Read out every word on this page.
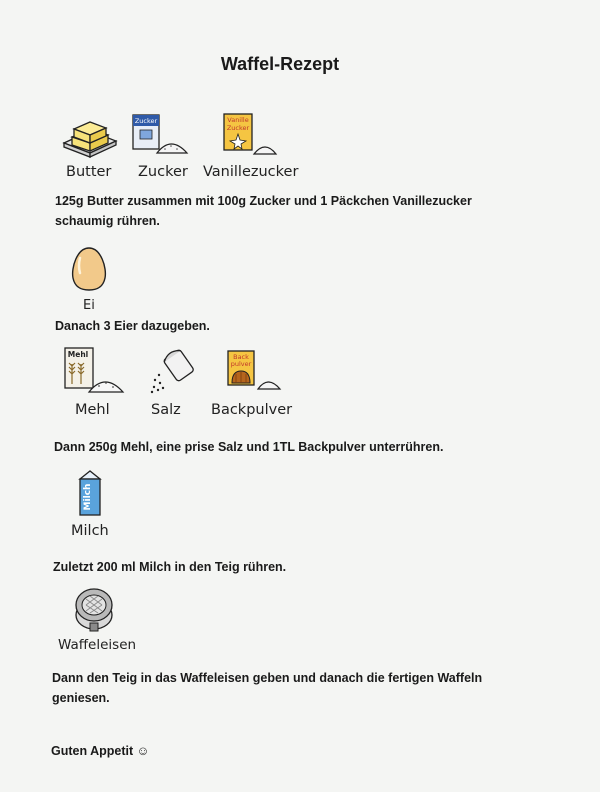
Waffel-Rezept
Zucker	Vanille
Zucker
Butter Zucker Vanillezucker
125g Butter zusammen mit 100g Zucker und 1 Päckchen Vanillezucker
schaumig rühren.
Ei
Danach 3 Eier dazugeben.
Mehl	Back
pulver
Mehl	Salz Backpulver
Dann 250g Mehl, eine prise Salz und 1TL Backpulver unterrühren.
Milch
Milch
Zuletzt 200 ml Milch in den Teig rühren.
Waffeleisen
Dann den Teig in das Waffeleisen geben und danach die fertigen Waffeln
geniesen.
Guten Appetit ☺
